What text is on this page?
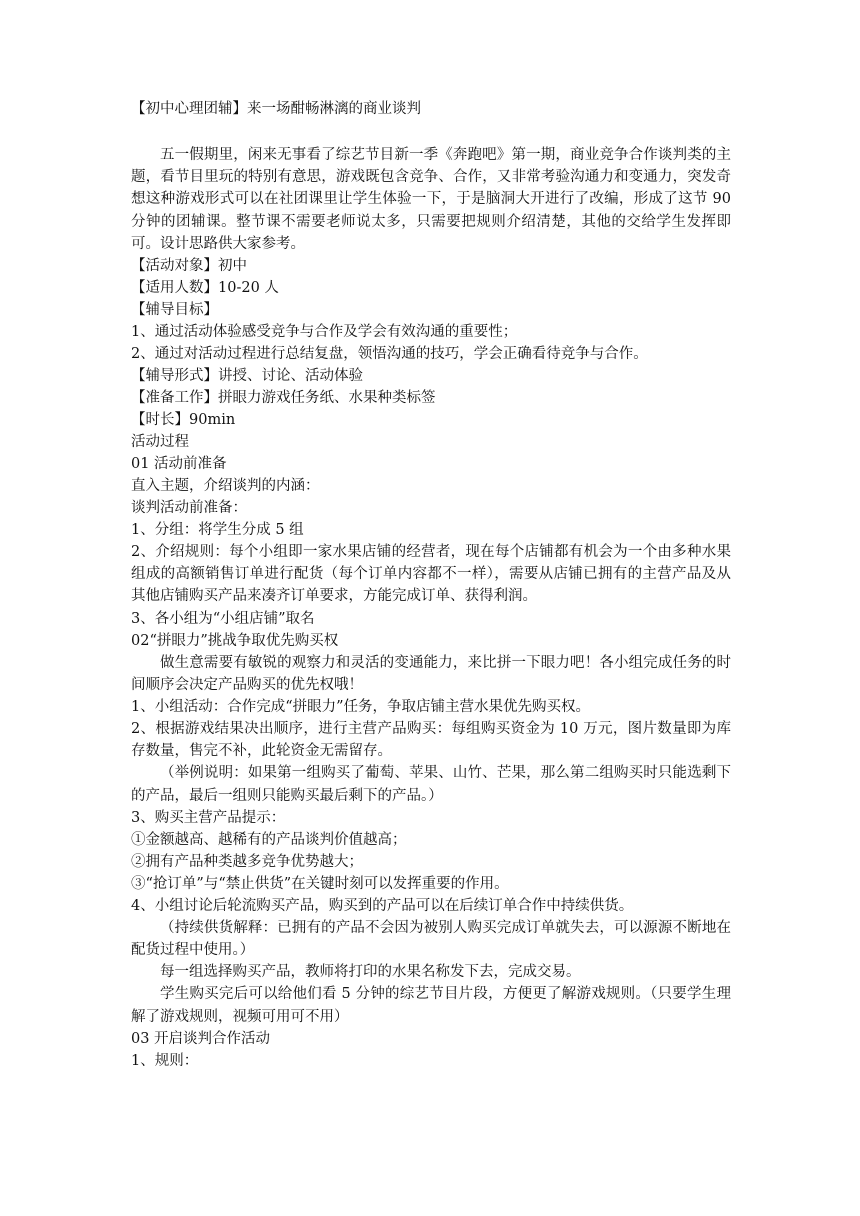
【初中心理团辅】来一场酣畅淋漓的商业谈判

五一假期里，闲来无事看了综艺节目新一季《奔跑吧》第一期，商业竞争合作谈判类的主题，看节目里玩的特别有意思，游戏既包含竞争、合作，又非常考验沟通力和变通力，突发奇想这种游戏形式可以在社团课里让学生体验一下，于是脑洞大开进行了改编，形成了这节 90 分钟的团辅课。整节课不需要老师说太多，只需要把规则介绍清楚，其他的交给学生发挥即可。设计思路供大家参考。

【活动对象】初中

【适用人数】10-20 人

【辅导目标】

1、通过活动体验感受竞争与合作及学会有效沟通的重要性；

2、通过对活动过程进行总结复盘，领悟沟通的技巧，学会正确看待竞争与合作。

【辅导形式】讲授、讨论、活动体验

【准备工作】拼眼力游戏任务纸、水果种类标签

【时长】90min

活动过程

01 活动前准备

直入主题，介绍谈判的内涵：

谈判活动前准备：

1、分组：将学生分成 5 组

2、介绍规则：每个小组即一家水果店铺的经营者，现在每个店铺都有机会为一个由多种水果组成的高额销售订单进行配货（每个订单内容都不一样），需要从店铺已拥有的主营产品及从其他店铺购买产品来凑齐订单要求，方能完成订单、获得利润。

3、各小组为“小组店铺”取名

02“拼眼力”挑战争取优先购买权

做生意需要有敏锐的观察力和灵活的变通能力，来比拼一下眼力吧！各小组完成任务的时间顺序会决定产品购买的优先权哦！

1、小组活动：合作完成“拼眼力”任务，争取店铺主营水果优先购买权。

2、根据游戏结果决出顺序，进行主营产品购买：每组购买资金为 10 万元，图片数量即为库存数量，售完不补，此轮资金无需留存。

（举例说明：如果第一组购买了葡萄、苹果、山竹、芒果，那么第二组购买时只能选剩下的产品，最后一组则只能购买最后剩下的产品。）

3、购买主营产品提示：

①金额越高、越稀有的产品谈判价值越高；

②拥有产品种类越多竞争优势越大；

③“抢订单”与“禁止供货”在关键时刻可以发挥重要的作用。

4、小组讨论后轮流购买产品，购买到的产品可以在后续订单合作中持续供货。

（持续供货解释：已拥有的产品不会因为被别人购买完成订单就失去，可以源源不断地在配货过程中使用。）

每一组选择购买产品，教师将打印的水果名称发下去，完成交易。

学生购买完后可以给他们看 5 分钟的综艺节目片段，方便更了解游戏规则。（只要学生理解了游戏规则，视频可用可不用）

03 开启谈判合作活动

1、规则：
